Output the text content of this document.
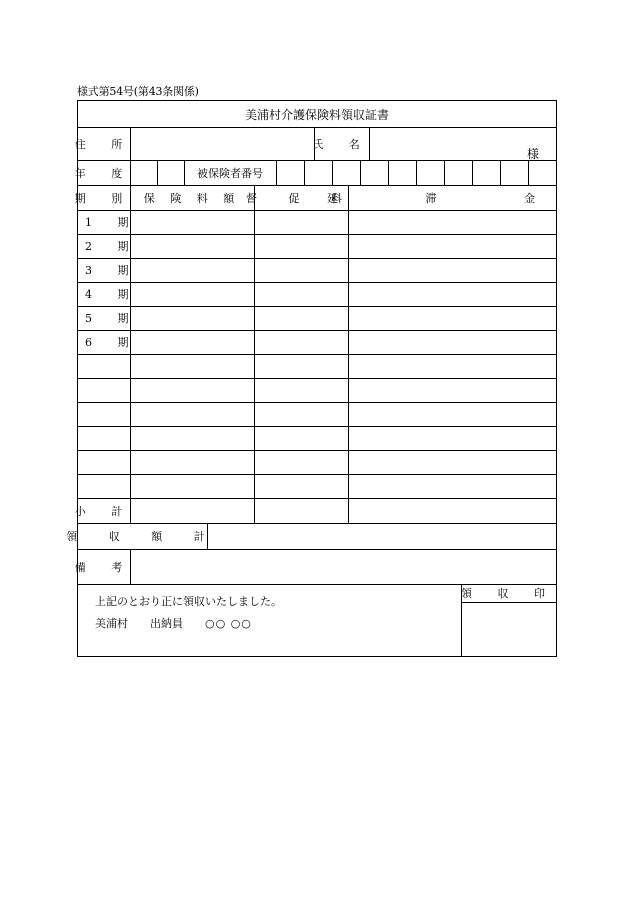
様式第54号(第43条関係)
美浦村介護保険料領収証書
住 所	氏 名
様
年 度	被保険者番号
期 別 保 険 料 額 督 促 料
延 滞 金
1 期
2 期
3 期
4 期
5 期
6 期
小 計
領 収 額 計
備 考
上記のとおり正に領収いたしました。
美浦村 出納員 ○○ ○○
領 収 印
